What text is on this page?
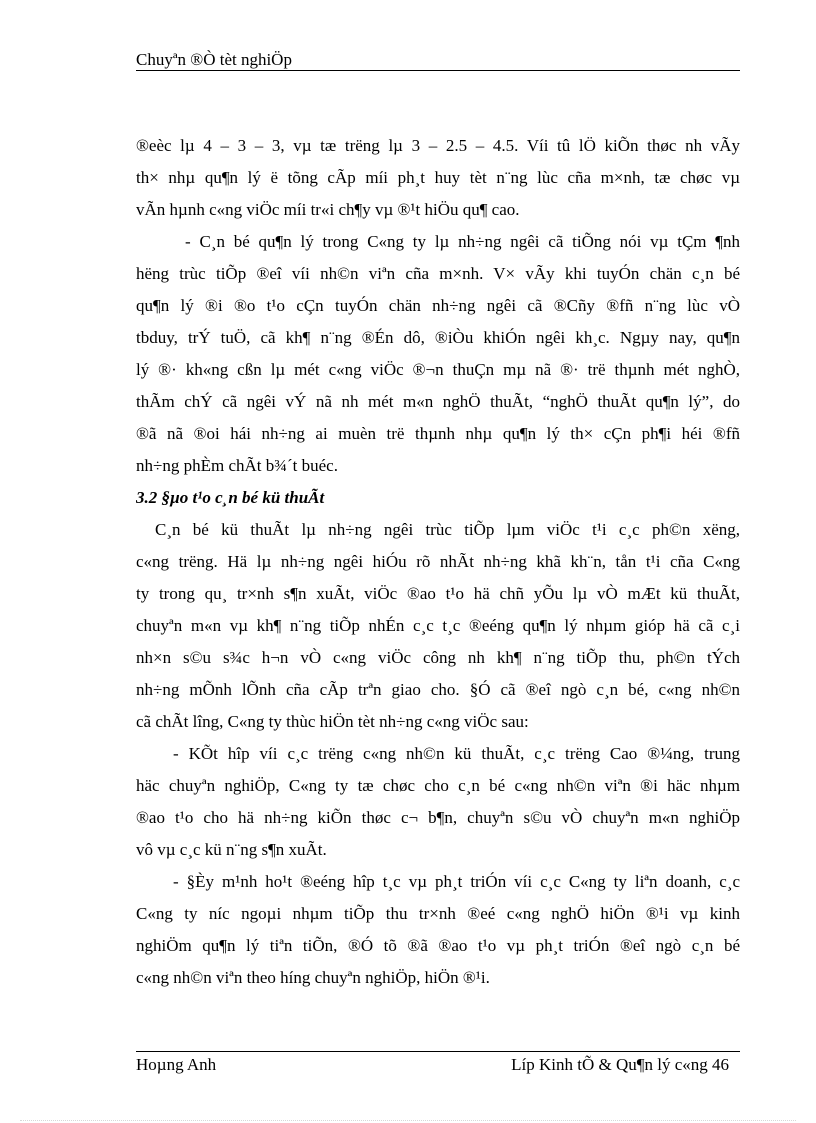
Chuyªn ®Ò tèt nghiÖp
®eèc lµ 4 – 3 – 3, vµ tæ trëng lµ 3 – 2.5 – 4.5. Víi tû lÖ kiÕn thøc nh vÃy
th× nhµ qu¶n lý ë tõng cÃp míi ph¸t huy tèt n¨ng lùc cña m×nh, tæ chøc vµ
vÃn hµnh c«ng viÖc míi tr«i ch¶y vµ ®¹t hiÖu qu¶ cao.
- C¸n bé qu¶n lý trong C«ng ty lµ nh÷ng ngêi cã tiÕng nói vµ tÇm ¶nh
hëng trùc tiÕp ®eî víi nh©n viªn cña m×nh. V× vÃy khi tuyÓn chän c¸n bé
qu¶n lý ®i ®o t¹o cÇn tuyÓn chän nh÷ng ngêi cã ®Cñy ®fñ n¨ng lùc vÒ
tbduy, trÝ tuÖ, cã kh¶ n¨ng ®Én dô, ®iÒu khiÓn ngêi kh¸c. Ngµy nay, qu¶n
lý ®· kh«ng cßn lµ mét c«ng viÖc ®¬n thuÇn mµ nã ®· trë thµnh mét nghÒ,
thÃm chÝ cã ngêi vÝ nã nh mét m«n nghÖ thuÃt, “nghÖ thuÃt qu¶n lý”, do
®ã nã ®oi hái nh÷ng ai muèn trë thµnh nhµ qu¶n lý th× cÇn ph¶i héi ®fñ
nh÷ng phÈm chÃt b¾´t buéc.
3.2 §µo t¹o c¸n bé kü thuÃt
C¸n bé kü thuÃt lµ nh÷ng ngêi trùc tiÕp lµm viÖc t¹i c¸c ph©n xëng,
c«ng trëng. Hä lµ nh÷ng ngêi hiÓu rõ nhÃt nh÷ng khã kh¨n, tån t¹i cña C«ng
ty trong qu¸ tr×nh s¶n xuÃt, viÖc ®ao t¹o hä chñ yÕu lµ vÒ mÆt kü thuÃt,
chuyªn m«n vµ kh¶ n¨ng tiÕp nhÉn c¸c t¸c ®eéng qu¶n lý nhµm gióp hä cã c¸i
nh×n s©u s¾c h¬n vÒ c«ng viÖc công nh kh¶ n¨ng tiÕp thu, ph©n tÝch
nh÷ng mÕnh lÕnh cña cÃp trªn giao cho. §Ó cã ®eî ngò c¸n bé, c«ng nh©n
cã chÃt lîng, C«ng ty thùc hiÖn tèt nh÷ng c«ng viÖc sau:
- KÕt hîp víi c¸c trëng c«ng nh©n kü thuÃt, c¸c trëng Cao ®¼ng, trung
häc chuyªn nghiÖp, C«ng ty tæ chøc cho c¸n bé c«ng nh©n viªn ®i häc nhµm
®ao t¹o cho hä nh÷ng kiÕn thøc c¬ b¶n, chuyªn s©u vÒ chuyªn m«n nghiÖp
vô vµ c¸c kü n¨ng s¶n xuÃt.
- §Èy m¹nh ho¹t ®eéng hîp t¸c vµ ph¸t triÓn víi c¸c C«ng ty liªn doanh, c¸c
C«ng ty níc ngoµi nhµm tiÕp thu tr×nh ®eé c«ng nghÖ hiÖn ®¹i vµ kinh
nghiÖm qu¶n lý tiªn tiÕn, ®Ó tõ ®ã ®ao t¹o vµ ph¸t triÓn ®eî ngò c¸n bé
c«ng nh©n viªn theo híng chuyªn nghiÖp, hiÖn ®¹i.
Hoµng Anh	Líp Kinh tÕ & Qu¶n lý c«ng 46
